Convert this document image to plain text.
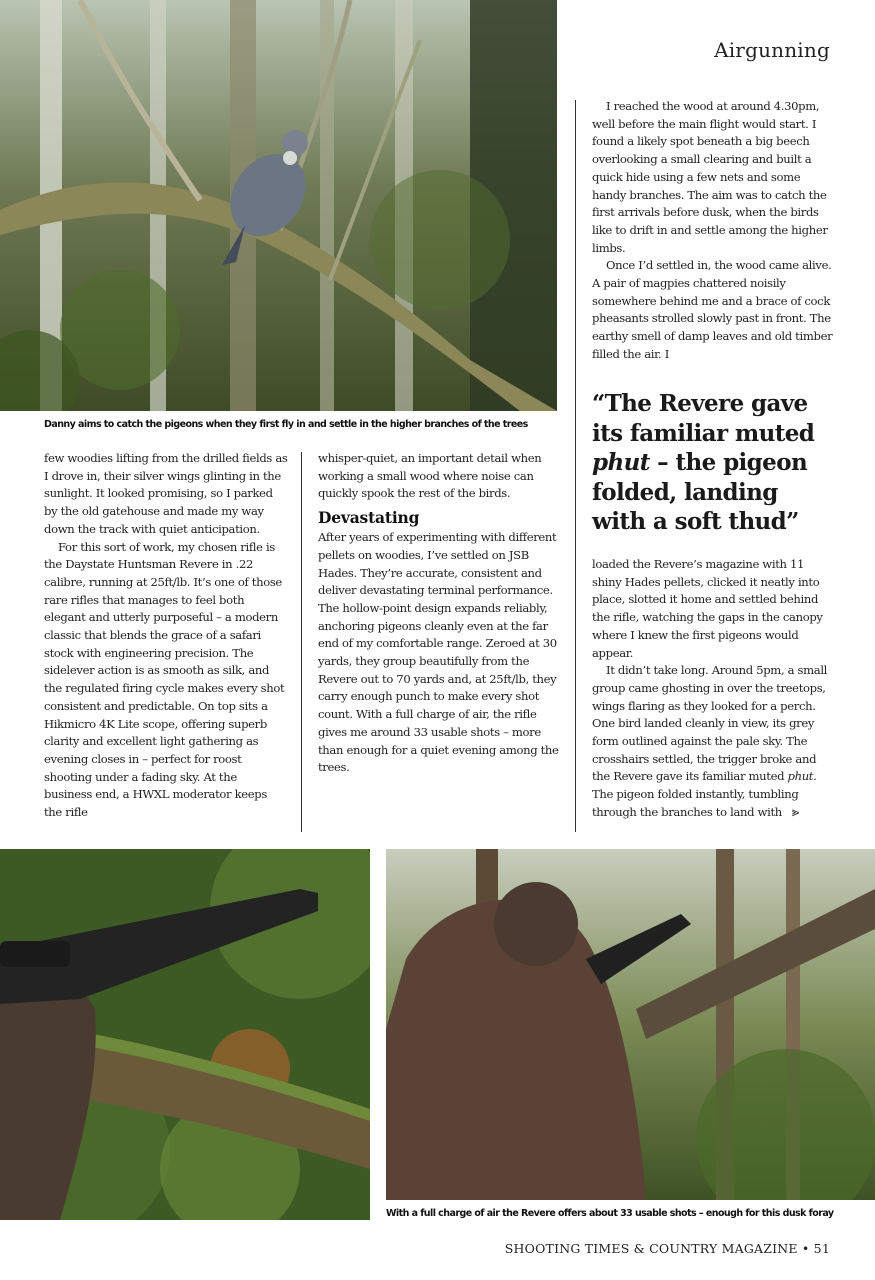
Airgunning
Danny aims to catch the pigeons when they first fly in and settle in the higher branches of the trees

few woodies lifting from the drilled fields as I drove in, their silver wings glinting in the sunlight. It looked promising, so I parked by the old gatehouse and made my way down the track with quiet anticipation.

For this sort of work, my chosen rifle is the Daystate Huntsman Revere in .22 calibre, running at 25ft/lb. It’s one of those rare rifles that manages to feel both elegant and utterly purposeful – a modern classic that blends the grace of a safari stock with engineering precision. The sidelever action is as smooth as silk, and the regulated firing cycle makes every shot consistent and predictable. On top sits a Hikmicro 4K Lite scope, offering superb clarity and excellent light gathering as evening closes in – perfect for roost shooting under a fading sky. At the business end, a HWXL moderator keeps the rifle

whisper-quiet, an important detail when working a small wood where noise can quickly spook the rest of the birds.

Devastating

After years of experimenting with different pellets on woodies, I’ve settled on JSB Hades. They’re accurate, consistent and deliver devastating terminal performance. The hollow-point design expands reliably, anchoring pigeons cleanly even at the far end of my comfortable range. Zeroed at 30 yards, they group beautifully from the Revere out to 70 yards and, at 25ft/lb, they carry enough punch to make every shot count. With a full charge of air, the rifle gives me around 33 usable shots – more than enough for a quiet evening among the trees.

I reached the wood at around 4.30pm, well before the main flight would start. I found a likely spot beneath a big beech overlooking a small clearing and built a quick hide using a few nets and some handy branches. The aim was to catch the first arrivals before dusk, when the birds like to drift in and settle among the higher limbs.

Once I’d settled in, the wood came alive. A pair of magpies chattered noisily somewhere behind me and a brace of cock pheasants strolled slowly past in front. The earthy smell of damp leaves and old timber filled the air. I

“The Revere gave its familiar muted phut – the pigeon folded, landing with a soft thud”

loaded the Revere’s magazine with 11 shiny Hades pellets, clicked it neatly into place, slotted it home and settled behind the rifle, watching the gaps in the canopy where I knew the first pigeons would appear.

It didn’t take long. Around 5pm, a small group came ghosting in over the treetops, wings flaring as they looked for a perch. One bird landed cleanly in view, its grey form outlined against the pale sky. The crosshairs settled, the trigger broke and the Revere gave its familiar muted phut. The pigeon folded instantly, tumbling through the branches to land with ⪢

With a full charge of air the Revere offers about 33 usable shots – enough for this dusk foray
SHOOTING TIMES & COUNTRY MAGAZINE • 51
